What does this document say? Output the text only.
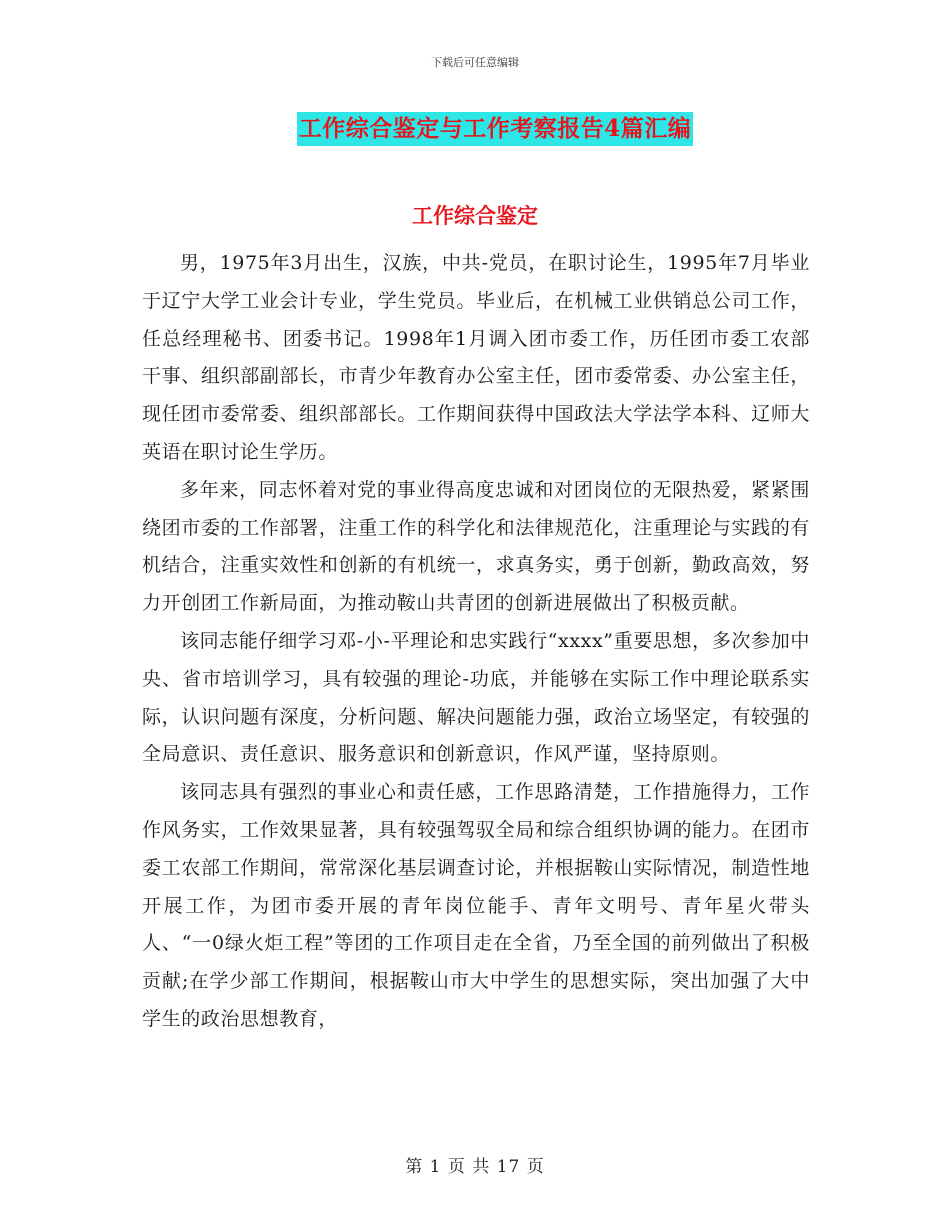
下载后可任意编辑
工作综合鉴定与工作考察报告4篇汇编
工作综合鉴定

男，1975年3月出生，汉族，中共-党员，在职讨论生，1995年7月毕业于辽宁大学工业会计专业，学生党员。毕业后，在机械工业供销总公司工作，任总经理秘书、团委书记。1998年1月调入团市委工作，历任团市委工农部干事、组织部副部长，市青少年教育办公室主任，团市委常委、办公室主任，现任团市委常委、组织部部长。工作期间获得中国政法大学法学本科、辽师大英语在职讨论生学历。

多年来，同志怀着对党的事业得高度忠诚和对团岗位的无限热爱，紧紧围绕团市委的工作部署，注重工作的科学化和法律规范化，注重理论与实践的有机结合，注重实效性和创新的有机统一，求真务实，勇于创新，勤政高效，努力开创团工作新局面，为推动鞍山共青团的创新进展做出了积极贡献。

该同志能仔细学习邓-小-平理论和忠实践行“xxxx”重要思想，多次参加中央、省市培训学习，具有较强的理论-功底，并能够在实际工作中理论联系实际，认识问题有深度，分析问题、解决问题能力强，政治立场坚定，有较强的全局意识、责任意识、服务意识和创新意识，作风严谨，坚持原则。

该同志具有强烈的事业心和责任感，工作思路清楚，工作措施得力，工作作风务实，工作效果显著，具有较强驾驭全局和综合组织协调的能力。在团市委工农部工作期间，常常深化基层调查讨论，并根据鞍山实际情况，制造性地开展工作，为团市委开展的青年岗位能手、青年文明号、青年星火带头人、“一0绿火炬工程”等团的工作项目走在全省，乃至全国的前列做出了积极贡献;在学少部工作期间，根据鞍山市大中学生的思想实际，突出加强了大中学生的政治思想教育，

第 1 页 共 17 页
